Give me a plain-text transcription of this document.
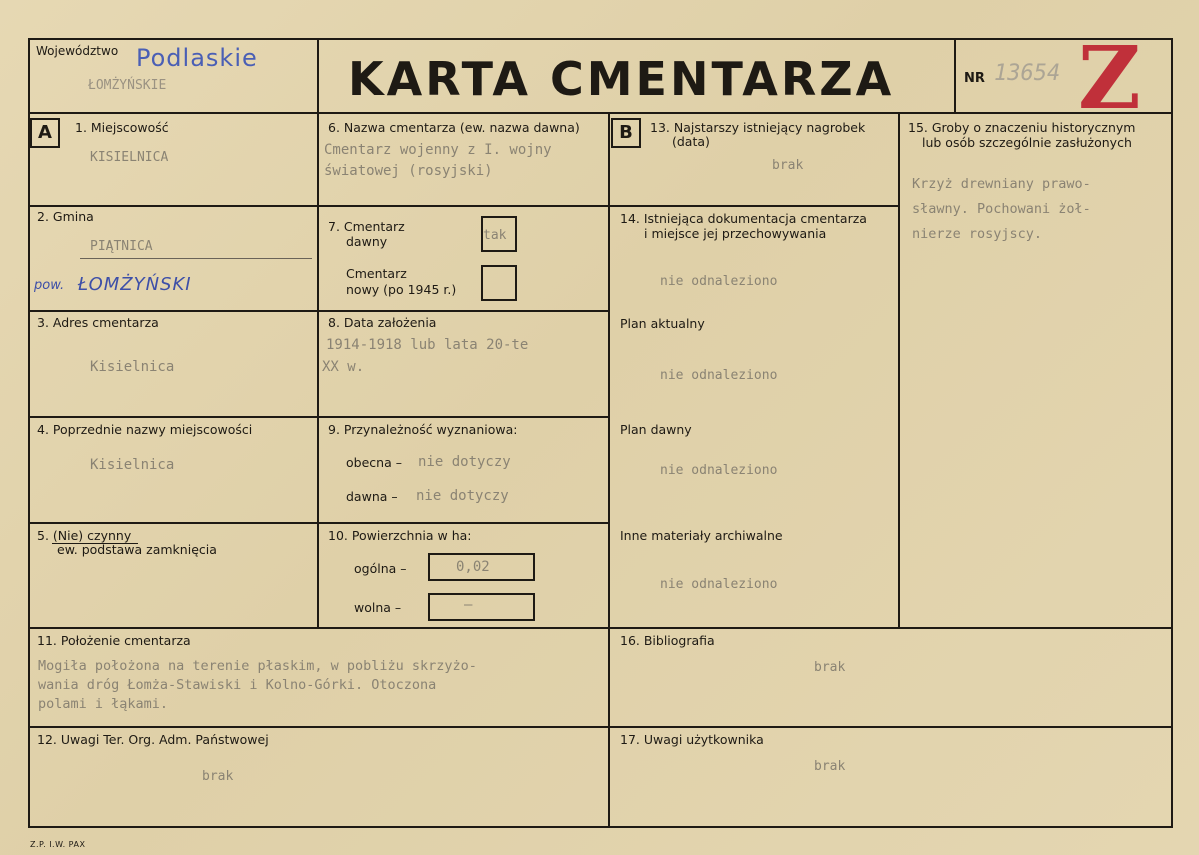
Województwo Podlaskie
ŁOMŻYŃSKIE	KARTA CMENTARZA	NR 13654 Z
A	1. Miejscowość
KISIELNICA
2. Gmina
PIĄTNICA
pow. ŁOMŻYŃSKI
3. Adres cmentarza
Kisielnica
4. Poprzednie nazwy miejscowości
Kisielnica
5. (Nie) czynny
ew. podstawa zamknięcia
6. Nazwa cmentarza (ew. nazwa dawna)
Cmentarz wojenny z I. wojny
światowej (rosyjski)
7. Cmentarz
dawny	tak
Cmentarz
nowy (po 1945 r.)
8. Data założenia
1914-1918 lub lata 20-te
XX w.
9. Przynależność wyznaniowa:
obecna – nie dotyczy
dawna – nie dotyczy
10. Powierzchnia w ha:
ogólna –	0,02
wolna –	–
B	13. Najstarszy istniejący nagrobek
(data)
brak
14. Istniejąca dokumentacja cmentarza
i miejsce jej przechowywania
nie odnaleziono
Plan aktualny
nie odnaleziono
Plan dawny
nie odnaleziono
Inne materiały archiwalne
nie odnaleziono
15. Groby o znaczeniu historycznym
lub osób szczególnie zasłużonych
Krzyż drewniany prawo-
sławny. Pochowani żoł-
nierze rosyjscy.
11. Położenie cmentarza
Mogiła położona na terenie płaskim, w pobliżu skrzyżo-
wania dróg Łomża-Stawiski i Kolno-Górki. Otoczona
polami i łąkami.
16. Bibliografia
brak
12. Uwagi Ter. Org. Adm. Państwowej
brak
17. Uwagi użytkownika
brak
Z.P. I.W. PAX
